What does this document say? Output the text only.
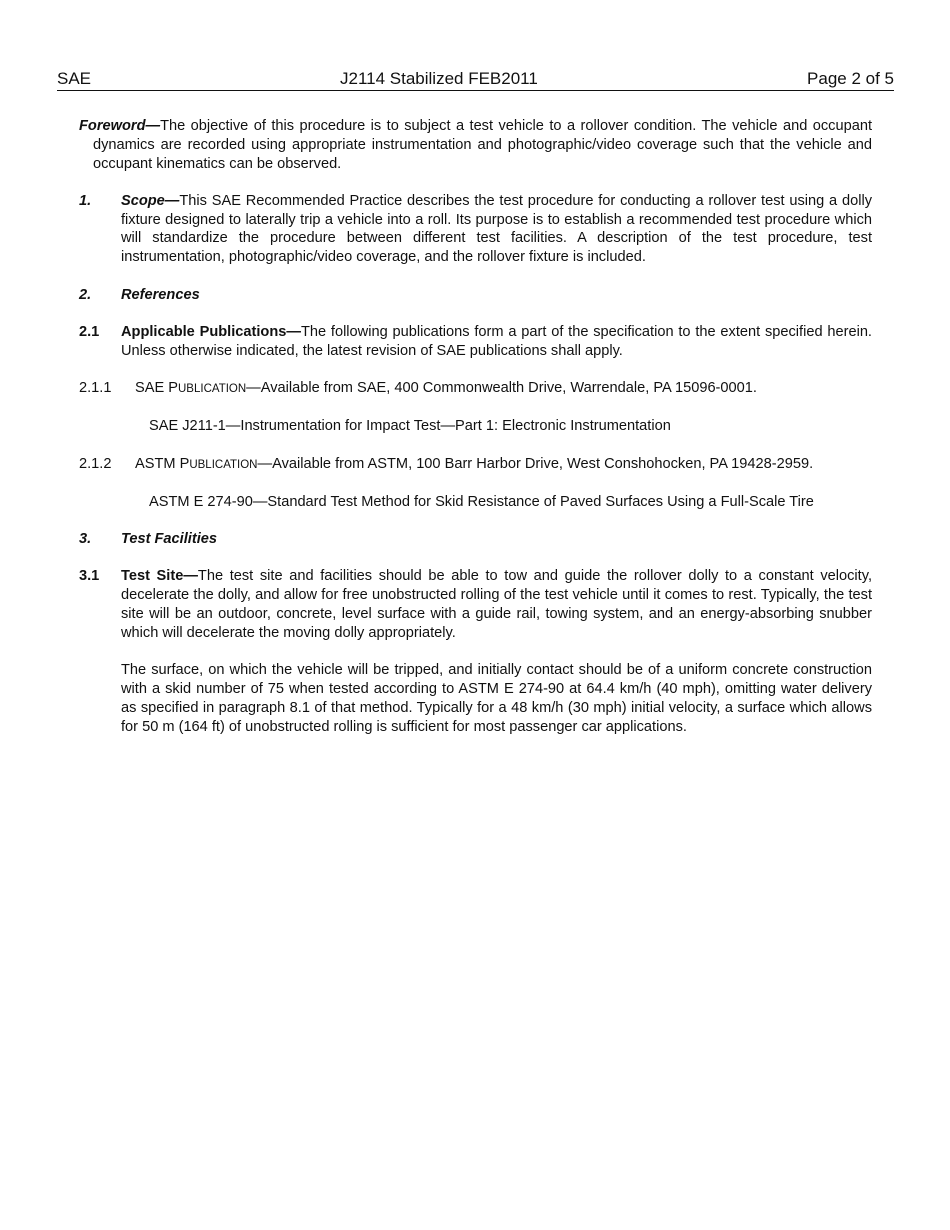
SAE	J2114 Stabilized FEB2011	Page 2 of 5
Foreword—The objective of this procedure is to subject a test vehicle to a rollover condition. The vehicle and occupant dynamics are recorded using appropriate instrumentation and photographic/video coverage such that the vehicle and occupant kinematics can be observed.
1.	Scope—This SAE Recommended Practice describes the test procedure for conducting a rollover test using a dolly fixture designed to laterally trip a vehicle into a roll. Its purpose is to establish a recommended test procedure which will standardize the procedure between different test facilities. A description of the test procedure, test instrumentation, photographic/video coverage, and the rollover fixture is included.
2.	References
2.1	Applicable Publications—The following publications form a part of the specification to the extent specified herein. Unless otherwise indicated, the latest revision of SAE publications shall apply.
2.1.1	SAE PUBLICATION—Available from SAE, 400 Commonwealth Drive, Warrendale, PA 15096-0001.
SAE J211-1—Instrumentation for Impact Test—Part 1: Electronic Instrumentation
2.1.2	ASTM PUBLICATION—Available from ASTM, 100 Barr Harbor Drive, West Conshohocken, PA 19428-2959.
ASTM E 274-90—Standard Test Method for Skid Resistance of Paved Surfaces Using a Full-Scale Tire
3.	Test Facilities
3.1	Test Site—The test site and facilities should be able to tow and guide the rollover dolly to a constant velocity, decelerate the dolly, and allow for free unobstructed rolling of the test vehicle until it comes to rest. Typically, the test site will be an outdoor, concrete, level surface with a guide rail, towing system, and an energy-absorbing snubber which will decelerate the moving dolly appropriately.
The surface, on which the vehicle will be tripped, and initially contact should be of a uniform concrete construction with a skid number of 75 when tested according to ASTM E 274-90 at 64.4 km/h (40 mph), omitting water delivery as specified in paragraph 8.1 of that method. Typically for a 48 km/h (30 mph) initial velocity, a surface which allows for 50 m (164 ft) of unobstructed rolling is sufficient for most passenger car applications.
